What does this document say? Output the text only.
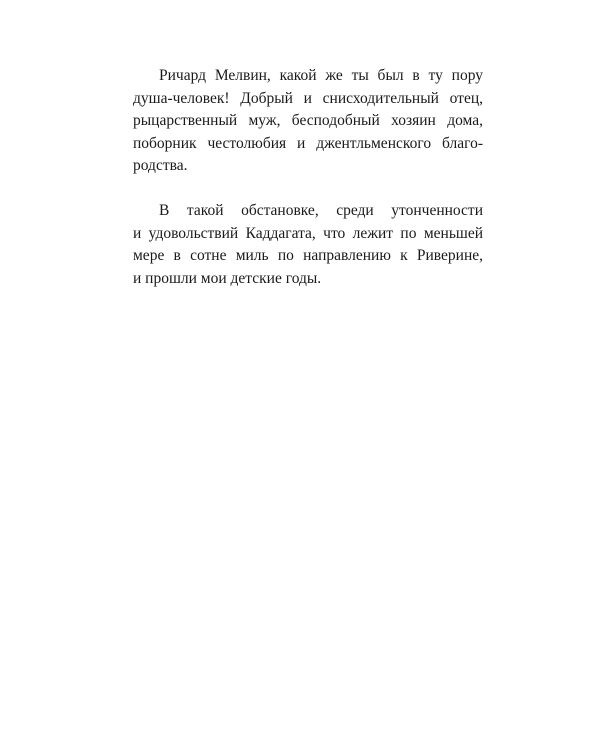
Ричард Мелвин, какой же ты был в ту пору
душа-человек! Добрый и снисходительный отец,
рыцарственный муж, бесподобный хозяин дома,
поборник честолюбия и джентльменского благо-
родства.

В такой обстановке, среди утонченности
и удовольствий Каддагата, что лежит по меньшей
мере в сотне миль по направлению к Риверине,
и прошли мои детские годы.
